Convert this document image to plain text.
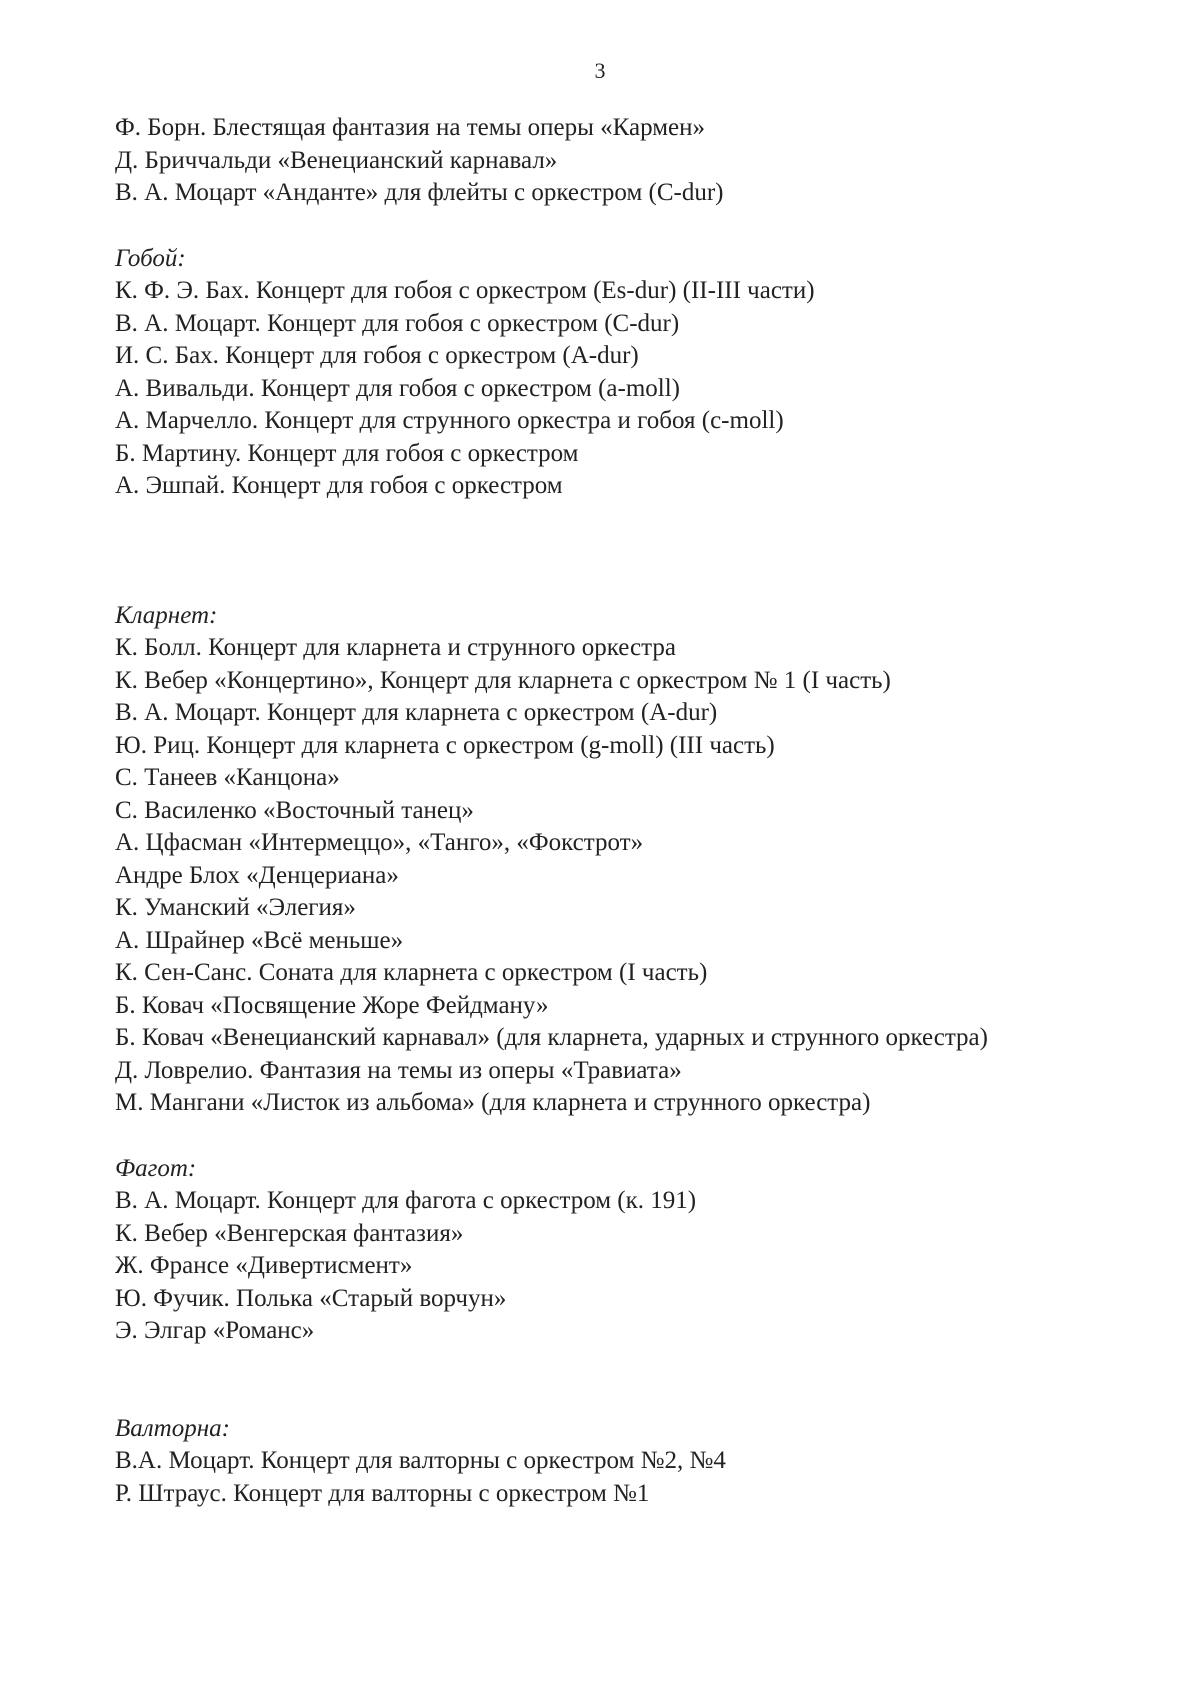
3
Ф. Борн. Блестящая фантазия на темы оперы «Кармен»
Д. Бриччальди «Венецианский карнавал»
В. А. Моцарт «Андантe» для флейты с оркестром (C-dur)
Гобой:
К. Ф. Э. Бах. Концерт для гобоя с оркестром (Es-dur) (II-III части)
В. А. Моцарт. Концерт для гобоя с оркестром (C-dur)
И. С. Бах. Концерт для гобоя с оркестром (A-dur)
А. Вивальди. Концерт для гобоя с оркестром (a-moll)
А. Марчелло. Концерт для струнного оркестра и гобоя (c-moll)
Б. Мартину. Концерт для гобоя с оркестром
А. Эшпай. Концерт для гобоя с оркестром
Кларнет:
К. Болл. Концерт для кларнета и струнного оркестра
К. Вебер «Концертино», Концерт для кларнета с оркестром № 1 (I часть)
В. А. Моцарт. Концерт для кларнета с оркестром (A-dur)
Ю. Риц. Концерт для кларнета с оркестром (g-moll) (III часть)
С. Танеев «Канцона»
С. Василенко «Восточный танец»
А. Цфасман «Интермеццо», «Танго», «Фокстрот»
Андре Блох «Денцериана»
К. Уманский «Элегия»
А. Шрайнер «Всё меньше»
К. Сен-Санс. Соната для кларнета с оркестром (I часть)
Б. Ковач «Посвящение Жоре Фейдману»
Б. Ковач «Венецианский карнавал» (для кларнета, ударных и струнного оркестра)
Д. Ловрелио. Фантазия на темы из оперы «Травиата»
М. Мангани «Листок из альбома» (для кларнета и струнного оркестра)
Фагот:
В. А. Моцарт. Концерт для фагота с оркестром (к. 191)
К. Вебер «Венгерская фантазия»
Ж. Франсе «Дивертисмент»
Ю. Фучик. Полька «Старый ворчун»
Э. Элгар «Романс»
Валторна:
В.А. Моцарт. Концерт для валторны с оркестром №2, №4
Р. Штраус. Концерт для валторны с оркестром №1
